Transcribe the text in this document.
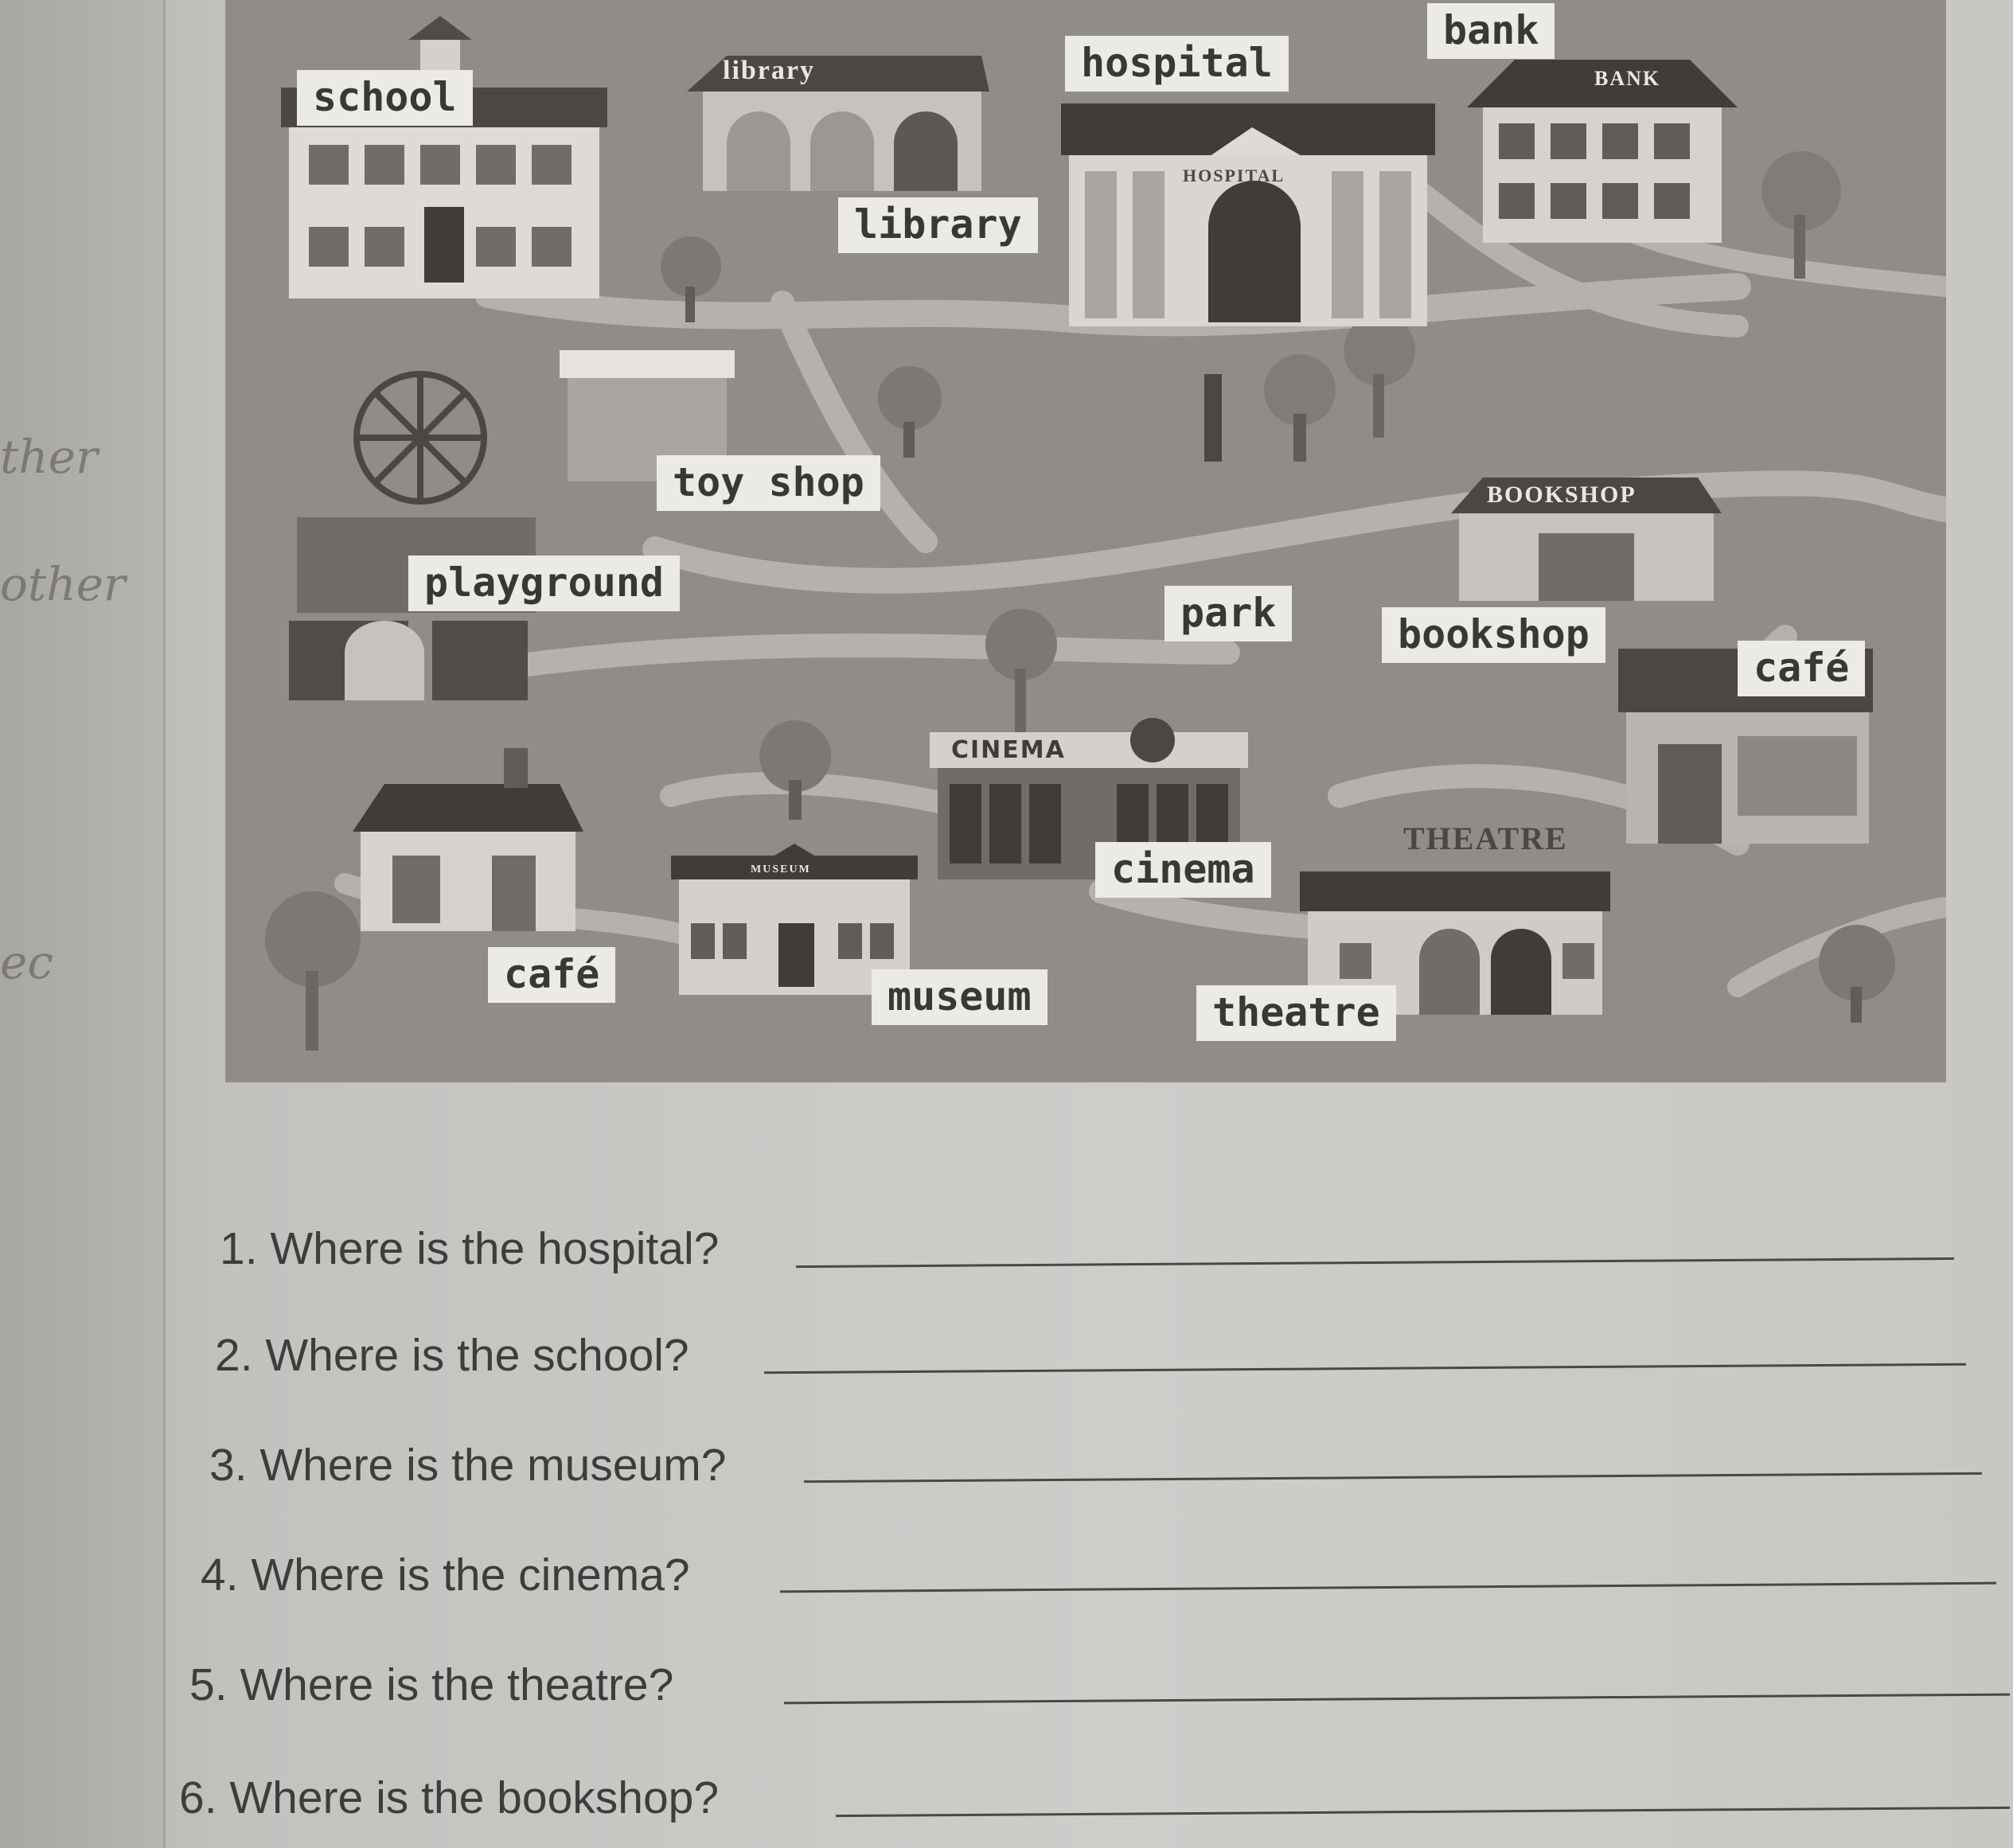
ther
other
ec
library
HOSPITAL
BANK
BOOKSHOP
CINEMA
THEATRE
MUSEUM
school
library
hospital
bank
toy shop
playground
park	bookshop
café
cinema
café	museum	theatre
1. Where is the hospital?
2. Where is the school?
3. Where is the museum?
4. Where is the cinema?
5. Where is the theatre?
6. Where is the bookshop?
